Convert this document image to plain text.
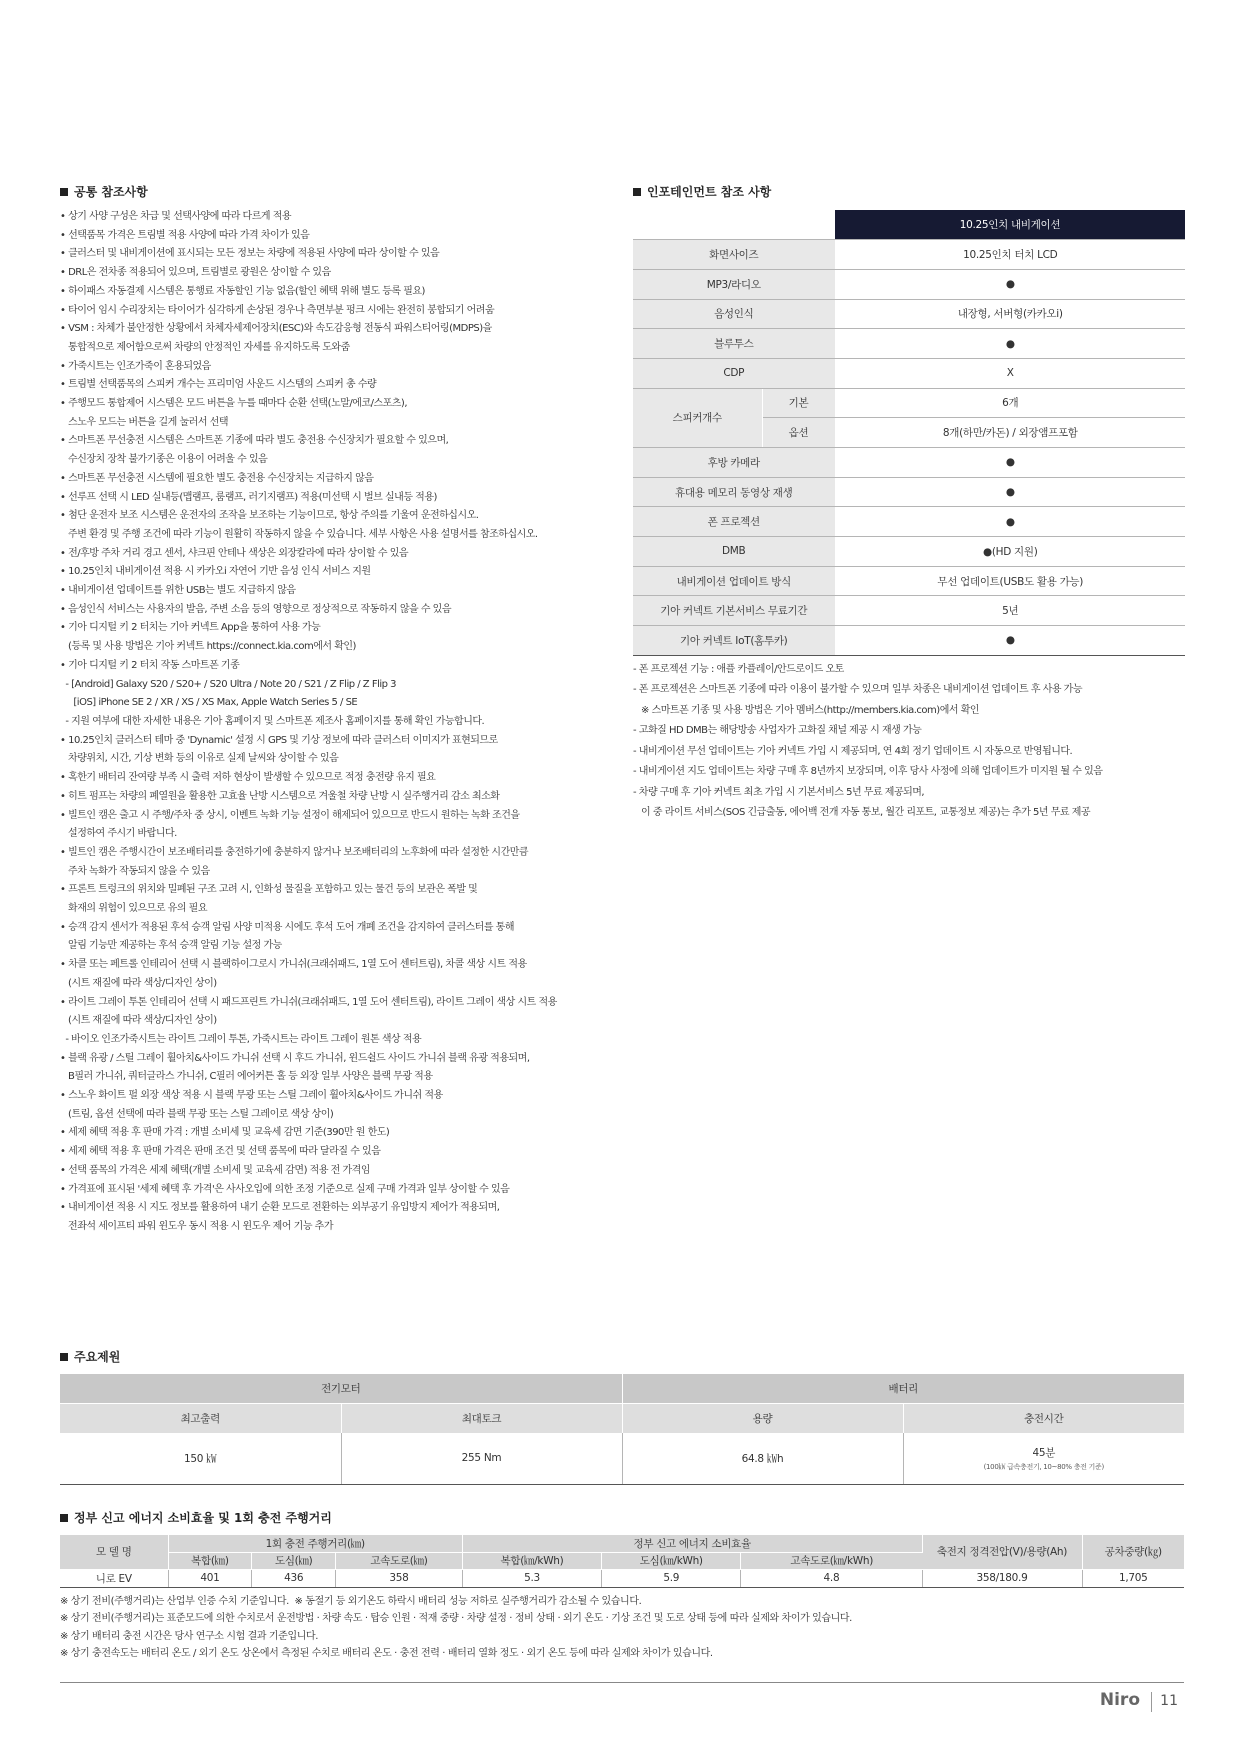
공통 참조사항
• 상기 사양 구성은 차급 및 선택사양에 따라 다르게 적용
• 선택품목 가격은 트림별 적용 사양에 따라 가격 차이가 있음
• 클러스터 및 내비게이션에 표시되는 모든 정보는 차량에 적용된 사양에 따라 상이할 수 있음
• DRL은 전차종 적용되어 있으며, 트림별로 광원은 상이할 수 있음
• 하이패스 자동결제 시스템은 통행료 자동할인 기능 없음(할인 혜택 위해 별도 등록 필요)
• 타이어 임시 수리장치는 타이어가 심각하게 손상된 경우나 측면부분 펑크 시에는 완전히 봉합되기 어려움
• VSM : 차체가 불안정한 상황에서 차체자세제어장치(ESC)와 속도감응형 전동식 파워스티어링(MDPS)을
통합적으로 제어함으로써 차량의 안정적인 자세를 유지하도록 도와줌
• 가죽시트는 인조가죽이 혼용되었음
• 트림별 선택품목의 스피커 개수는 프리미엄 사운드 시스템의 스피커 총 수량
• 주행모드 통합제어 시스템은 모드 버튼을 누를 때마다 순환 선택(노말/에코/스포츠),
스노우 모드는 버튼을 길게 눌러서 선택
• 스마트폰 무선충전 시스템은 스마트폰 기종에 따라 별도 충전용 수신장치가 필요할 수 있으며,
수신장치 장착 불가기종은 이용이 어려울 수 있음
• 스마트폰 무선충전 시스템에 필요한 별도 충전용 수신장치는 지급하지 않음
• 선루프 선택 시 LED 실내등(맵램프, 룸램프, 러기지램프) 적용(미선택 시 벌브 실내등 적용)
• 첨단 운전자 보조 시스템은 운전자의 조작을 보조하는 기능이므로, 항상 주의를 기울여 운전하십시오.
주변 환경 및 주행 조건에 따라 기능이 원활히 작동하지 않을 수 있습니다. 세부 사항은 사용 설명서를 참조하십시오.
• 전/후방 주차 거리 경고 센서, 샤크핀 안테나 색상은 외장칼라에 따라 상이할 수 있음
• 10.25인치 내비게이션 적용 시 카카오i 자연어 기반 음성 인식 서비스 지원
• 내비게이션 업데이트를 위한 USB는 별도 지급하지 않음
• 음성인식 서비스는 사용자의 발음, 주변 소음 등의 영향으로 정상적으로 작동하지 않을 수 있음
• 기아 디지털 키 2 터치는 기아 커넥트 App을 통하여 사용 가능
(등록 및 사용 방법은 기아 커넥트 https://connect.kia.com에서 확인)
• 기아 디지털 키 2 터치 작동 스마트폰 기종
- [Android] Galaxy S20 / S20+ / S20 Ultra / Note 20 / S21 / Z Flip / Z Flip 3
[iOS] iPhone SE 2 / XR / XS / XS Max, Apple Watch Series 5 / SE
- 지원 여부에 대한 자세한 내용은 기아 홈페이지 및 스마트폰 제조사 홈페이지를 통해 확인 가능합니다.
• 10.25인치 클러스터 테마 중 'Dynamic' 설정 시 GPS 및 기상 정보에 따라 클러스터 이미지가 표현되므로
차량위치, 시간, 기상 변화 등의 이유로 실제 날씨와 상이할 수 있음
• 혹한기 배터리 잔여량 부족 시 출력 저하 현상이 발생할 수 있으므로 적정 충전량 유지 필요
• 히트 펌프는 차량의 폐열원을 활용한 고효율 난방 시스템으로 겨울철 차량 난방 시 실주행거리 감소 최소화
• 빌트인 캠은 출고 시 주행/주차 중 상시, 이벤트 녹화 기능 설정이 해제되어 있으므로 반드시 원하는 녹화 조건을
설정하여 주시기 바랍니다.
• 빌트인 캠은 주행시간이 보조배터리를 충전하기에 충분하지 않거나 보조배터리의 노후화에 따라 설정한 시간만큼
주차 녹화가 작동되지 않을 수 있음
• 프론트 트렁크의 위치와 밀폐된 구조 고려 시, 인화성 물질을 포함하고 있는 물건 등의 보관은 폭발 및
화재의 위험이 있으므로 유의 필요
• 승객 감지 센서가 적용된 후석 승객 알림 사양 미적용 시에도 후석 도어 개폐 조건을 감지하여 클러스터를 통해
알림 기능만 제공하는 후석 승객 알림 기능 설정 가능
• 차콜 또는 페트롤 인테리어 선택 시 블랙하이그로시 가니쉬(크래쉬패드, 1열 도어 센터트림), 차콜 색상 시트 적용
(시트 재질에 따라 색상/디자인 상이)
• 라이트 그레이 투톤 인테리어 선택 시 패드프린트 가니쉬(크래쉬패드, 1열 도어 센터트림), 라이트 그레이 색상 시트 적용
(시트 재질에 따라 색상/디자인 상이)
- 바이오 인조가죽시트는 라이트 그레이 투톤, 가죽시트는 라이트 그레이 원톤 색상 적용
• 블랙 유광 / 스틸 그레이 휠아치&사이드 가니쉬 선택 시 후드 가니쉬, 윈드쉴드 사이드 가니쉬 블랙 유광 적용되며,
B필러 가니쉬, 쿼터글라스 가니쉬, C필러 에어커튼 홀 등 외장 일부 사양은 블랙 무광 적용
• 스노우 화이트 펄 외장 색상 적용 시 블랙 무광 또는 스틸 그레이 휠아치&사이드 가니쉬 적용
(트림, 옵션 선택에 따라 블랙 무광 또는 스틸 그레이로 색상 상이)
• 세제 혜택 적용 후 판매 가격 : 개별 소비세 및 교육세 감면 기준(390만 원 한도)
• 세제 혜택 적용 후 판매 가격은 판매 조건 및 선택 품목에 따라 달라질 수 있음
• 선택 품목의 가격은 세제 혜택(개별 소비세 및 교육세 감면) 적용 전 가격임
• 가격표에 표시된 '세제 혜택 후 가격'은 사사오입에 의한 조정 기준으로 실제 구매 가격과 일부 상이할 수 있음
• 내비게이션 적용 시 지도 정보를 활용하여 내기 순환 모드로 전환하는 외부공기 유입방지 제어가 적용되며,
전좌석 세이프티 파워 윈도우 동시 적용 시 윈도우 제어 기능 추가
인포테인먼트 참조 사항
		10.25인치 내비게이션
화면사이즈		10.25인치 터치 LCD
MP3/라디오		●
음성인식		내장형, 서버형(카카오i)
블루투스		●
CDP		X
스피커개수	기본	6개
	옵션	8개(하만/카돈) / 외장앰프포함
후방 카메라		●
휴대용 메모리 동영상 재생		●
폰 프로젝션		●
DMB		●(HD 지원)
내비게이션 업데이트 방식		무선 업데이트(USB도 활용 가능)
기아 커넥트 기본서비스 무료기간		5년
기아 커넥트 IoT(홈투카)		●
- 폰 프로젝션 기능 : 애플 카플레이/안드로이드 오토
- 폰 프로젝션은 스마트폰 기종에 따라 이용이 불가할 수 있으며 일부 차종은 내비게이션 업데이트 후 사용 가능
※ 스마트폰 기종 및 사용 방법은 기아 멤버스(http://members.kia.com)에서 확인
- 고화질 HD DMB는 해당방송 사업자가 고화질 채널 제공 시 재생 가능
- 내비게이션 무선 업데이트는 기아 커넥트 가입 시 제공되며, 연 4회 정기 업데이트 시 자동으로 반영됩니다.
- 내비게이션 지도 업데이트는 차량 구매 후 8년까지 보장되며, 이후 당사 사정에 의해 업데이트가 미지원 될 수 있음
- 차량 구매 후 기아 커넥트 최초 가입 시 기본서비스 5년 무료 제공되며,
이 중 라이트 서비스(SOS 긴급출동, 에어백 전개 자동 통보, 월간 리포트, 교통정보 제공)는 추가 5년 무료 제공
주요제원
전기모터		배터리	
최고출력	최대토크	용량	충전시간
150 ㎾	255 Nm	64.8 ㎾h	45분
(100㎾ 급속충전기, 10~80% 충전 기준)
정부 신고 에너지 소비효율 및 1회 충전 주행거리
모 델 명	1회 충전 주행거리(㎞)			정부 신고 에너지 소비효율			축전지 정격전압(V)/용량(Ah)	공차중량(㎏)
	복합(㎞)	도심(㎞)	고속도로(㎞)	복합(㎞/kWh)	도심(㎞/kWh)	고속도로(㎞/kWh)		
니로 EV	401	436	358	5.3	5.9	4.8	358/180.9	1,705
※ 상기 전비(주행거리)는 산업부 인증 수치 기준입니다.  ※ 동절기 등 외기온도 하락시 배터리 성능 저하로 실주행거리가 감소될 수 있습니다.
※ 상기 전비(주행거리)는 표준모드에 의한 수치로서 운전방법 · 차량 속도 · 탑승 인원 · 적재 중량 · 차량 설정 · 정비 상태 · 외기 온도 · 기상 조건 및 도로 상태 등에 따라 실제와 차이가 있습니다.
※ 상기 배터리 충전 시간은 당사 연구소 시험 결과 기준입니다.
※ 상기 충전속도는 배터리 온도 / 외기 온도 상온에서 측정된 수치로 배터리 온도 · 충전 전력 · 배터리 열화 정도 · 외기 온도 등에 따라 실제와 차이가 있습니다.
Niro 11
